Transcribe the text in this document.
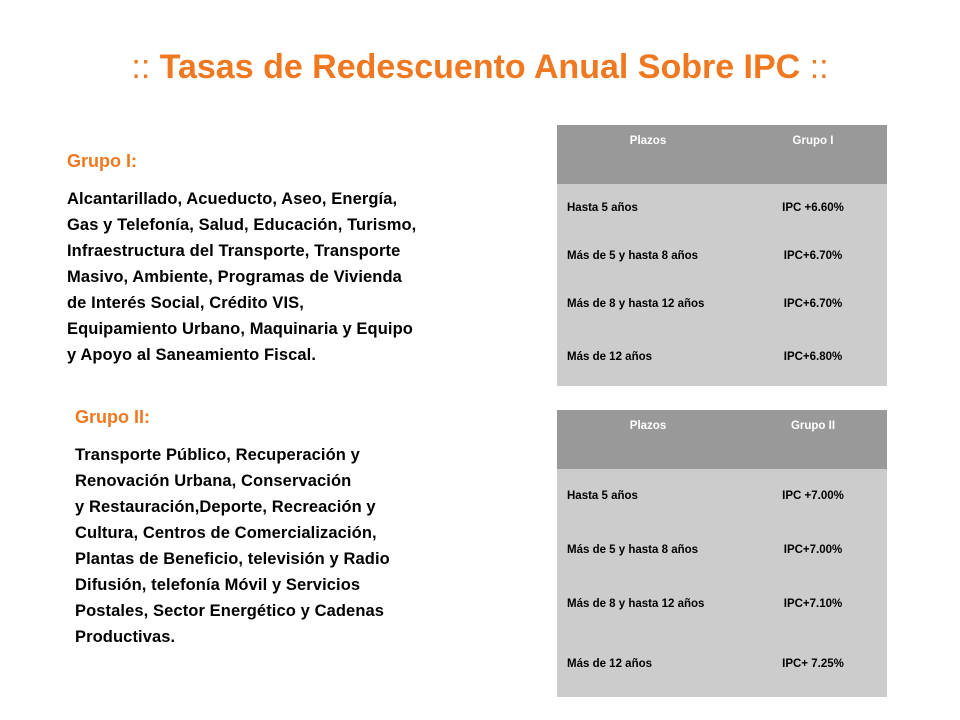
:: Tasas de Redescuento Anual Sobre IPC ::
Grupo I:

Alcantarillado, Acueducto, Aseo, Energía,
Gas y Telefonía, Salud, Educación, Turismo,
Infraestructura del Transporte, Transporte
Masivo, Ambiente, Programas de Vivienda
de Interés Social, Crédito VIS,
Equipamiento Urbano, Maquinaria y Equipo
y Apoyo al Saneamiento Fiscal.

Grupo II:

Transporte Público, Recuperación y
Renovación Urbana, Conservación
y Restauración,Deporte, Recreación y
Cultura, Centros de Comercialización,
Plantas de Beneficio, televisión y Radio
Difusión, telefonía Móvil y Servicios
Postales, Sector Energético y Cadenas
Productivas.

Plazos	Grupo I
Hasta 5 años	IPC +6.60%
Más de 5 y hasta 8 años	IPC+6.70%
Más de 8 y hasta 12 años	IPC+6.70%
Más de 12 años	IPC+6.80%
Plazos	Grupo II
Hasta 5 años	IPC +7.00%
Más de 5 y hasta 8 años	IPC+7.00%
Más de 8 y hasta 12 años	IPC+7.10%
Más de 12 años	IPC+ 7.25%
